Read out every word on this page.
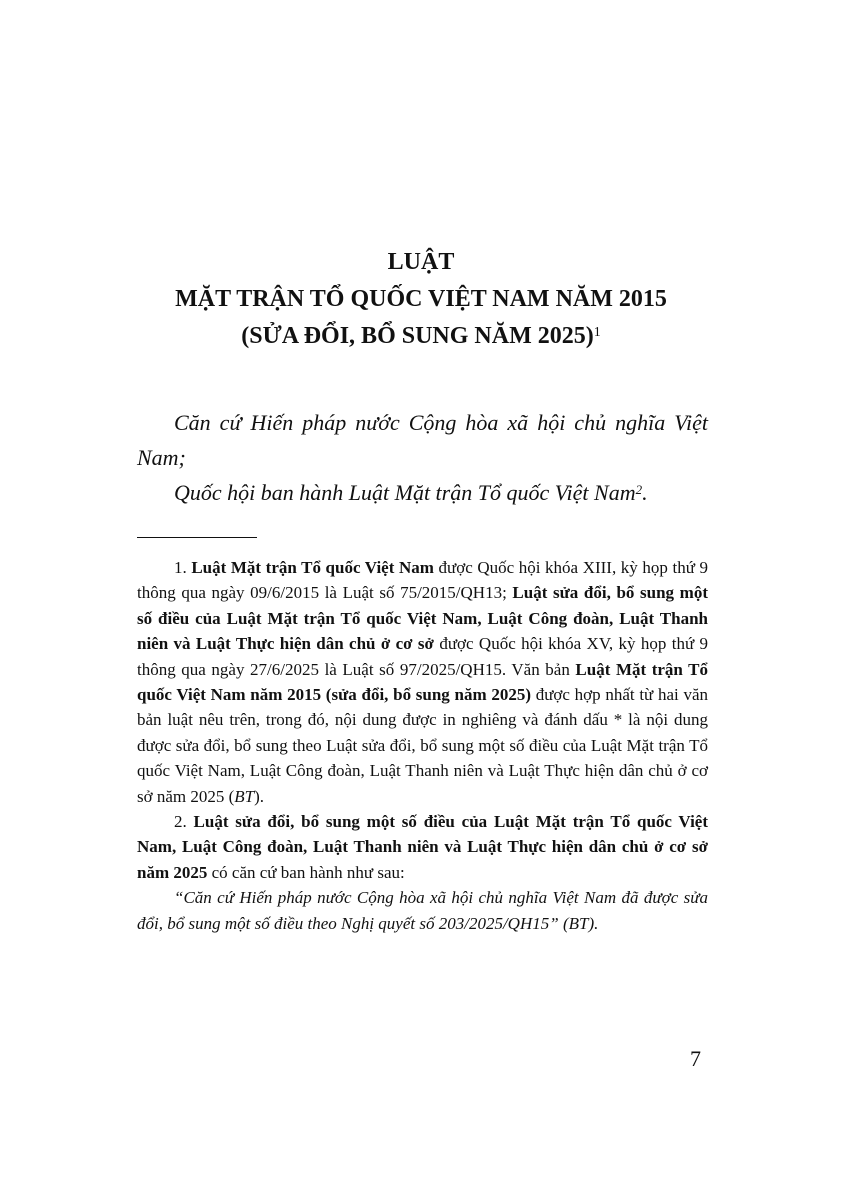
LUẬT
MẶT TRẬN TỔ QUỐC VIỆT NAM NĂM 2015
(SỬA ĐỔI, BỔ SUNG NĂM 2025)$^1$

Căn cứ Hiến pháp nước Cộng hòa xã hội chủ nghĩa Việt Nam;

Quốc hội ban hành Luật Mặt trận Tổ quốc Việt Nam$^2$.

1. Luật Mặt trận Tổ quốc Việt Nam được Quốc hội khóa XIII, kỳ họp thứ 9 thông qua ngày 09/6/2015 là Luật số 75/2015/QH13; Luật sửa đổi, bổ sung một số điều của Luật Mặt trận Tổ quốc Việt Nam, Luật Công đoàn, Luật Thanh niên và Luật Thực hiện dân chủ ở cơ sở được Quốc hội khóa XV, kỳ họp thứ 9 thông qua ngày 27/6/2025 là Luật số 97/2025/QH15. Văn bản Luật Mặt trận Tổ quốc Việt Nam năm 2015 (sửa đổi, bổ sung năm 2025) được hợp nhất từ hai văn bản luật nêu trên, trong đó, nội dung được in nghiêng và đánh dấu * là nội dung được sửa đổi, bổ sung theo Luật sửa đổi, bổ sung một số điều của Luật Mặt trận Tổ quốc Việt Nam, Luật Công đoàn, Luật Thanh niên và Luật Thực hiện dân chủ ở cơ sở năm 2025 (BT).

2. Luật sửa đổi, bổ sung một số điều của Luật Mặt trận Tổ quốc Việt Nam, Luật Công đoàn, Luật Thanh niên và Luật Thực hiện dân chủ ở cơ sở năm 2025 có căn cứ ban hành như sau:

“Căn cứ Hiến pháp nước Cộng hòa xã hội chủ nghĩa Việt Nam đã được sửa đổi, bổ sung một số điều theo Nghị quyết số 203/2025/QH15” (BT).

7
